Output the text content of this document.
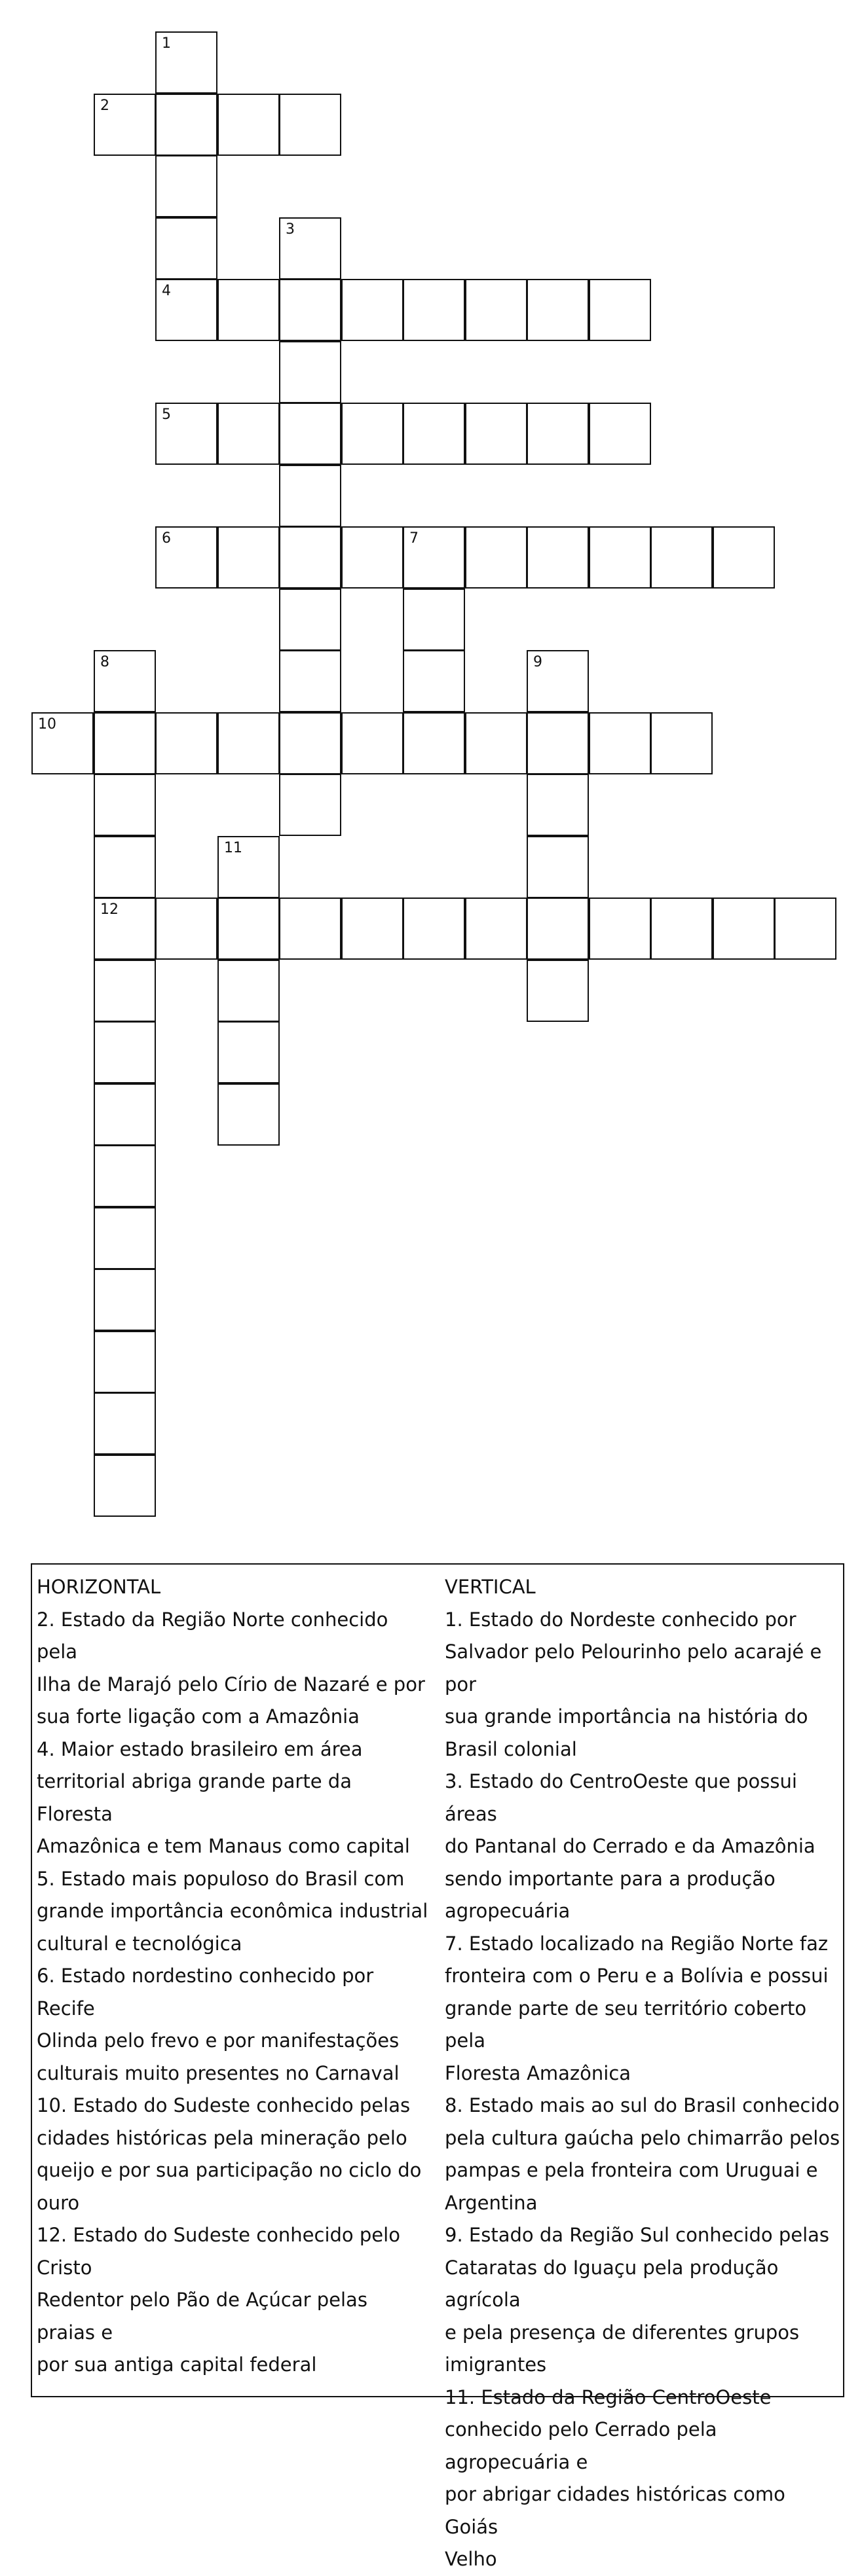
1
2
3
4
5
6	7
8	9
10
11
12
HORIZONTAL
2. Estado da Região Norte conhecido pela
Ilha de Marajó pelo Círio de Nazaré e por
sua forte ligação com a Amazônia
4. Maior estado brasileiro em área
territorial abriga grande parte da Floresta
Amazônica e tem Manaus como capital
5. Estado mais populoso do Brasil com
grande importância econômica industrial
cultural e tecnológica
6. Estado nordestino conhecido por Recife
Olinda pelo frevo e por manifestações
culturais muito presentes no Carnaval
10. Estado do Sudeste conhecido pelas
cidades históricas pela mineração pelo
queijo e por sua participação no ciclo do
ouro
12. Estado do Sudeste conhecido pelo Cristo
Redentor pelo Pão de Açúcar pelas praias e
por sua antiga capital federal
VERTICAL
1. Estado do Nordeste conhecido por
Salvador pelo Pelourinho pelo acarajé e por
sua grande importância na história do
Brasil colonial
3. Estado do CentroOeste que possui áreas
do Pantanal do Cerrado e da Amazônia
sendo importante para a produção
agropecuária
7. Estado localizado na Região Norte faz
fronteira com o Peru e a Bolívia e possui
grande parte de seu território coberto pela
Floresta Amazônica
8. Estado mais ao sul do Brasil conhecido
pela cultura gaúcha pelo chimarrão pelos
pampas e pela fronteira com Uruguai e
Argentina
9. Estado da Região Sul conhecido pelas
Cataratas do Iguaçu pela produção agrícola
e pela presença de diferentes grupos
imigrantes
11. Estado da Região CentroOeste
conhecido pelo Cerrado pela agropecuária e
por abrigar cidades históricas como Goiás
Velho
